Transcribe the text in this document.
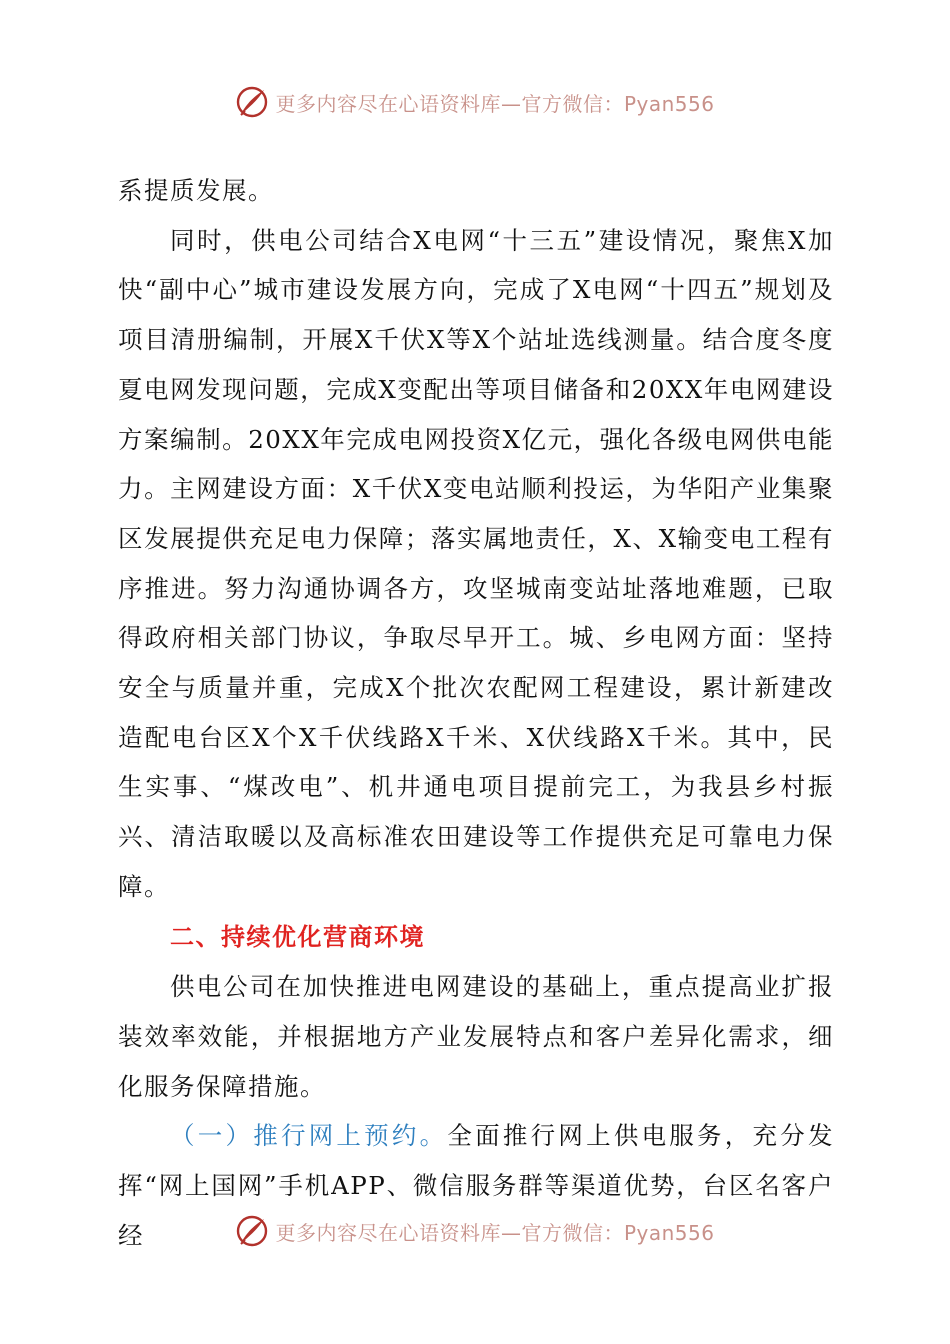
更多内容尽在心语资料库—官方微信：Pyan556

系提质发展。

同时，供电公司结合X电网“十三五”建设情况，聚焦X加快“副中心”城市建设发展方向，完成了X电网“十四五”规划及项目清册编制，开展X千伏X等X个站址选线测量。结合度冬度夏电网发现问题，完成X变配出等项目储备和20XX年电网建设方案编制。20XX年完成电网投资X亿元，强化各级电网供电能力。主网建设方面：X千伏X变电站顺利投运，为华阳产业集聚区发展提供充足电力保障；落实属地责任，X、X输变电工程有序推进。努力沟通协调各方，攻坚城南变站址落地难题，已取得政府相关部门协议，争取尽早开工。城、乡电网方面：坚持安全与质量并重，完成X个批次农配网工程建设，累计新建改造配电台区X个X千伏线路X千米、X伏线路X千米。其中，民生实事、“煤改电”、机井通电项目提前完工，为我县乡村振兴、清洁取暖以及高标准农田建设等工作提供充足可靠电力保障。

二、持续优化营商环境

供电公司在加快推进电网建设的基础上，重点提高业扩报装效率效能，并根据地方产业发展特点和客户差异化需求，细化服务保障措施。

（一）推行网上预约。全面推行网上供电服务，充分发挥“网上国网”手机APP、微信服务群等渠道优势，台区名客户经	更多内容尽在心语资料库—官方微信：Pyan556
